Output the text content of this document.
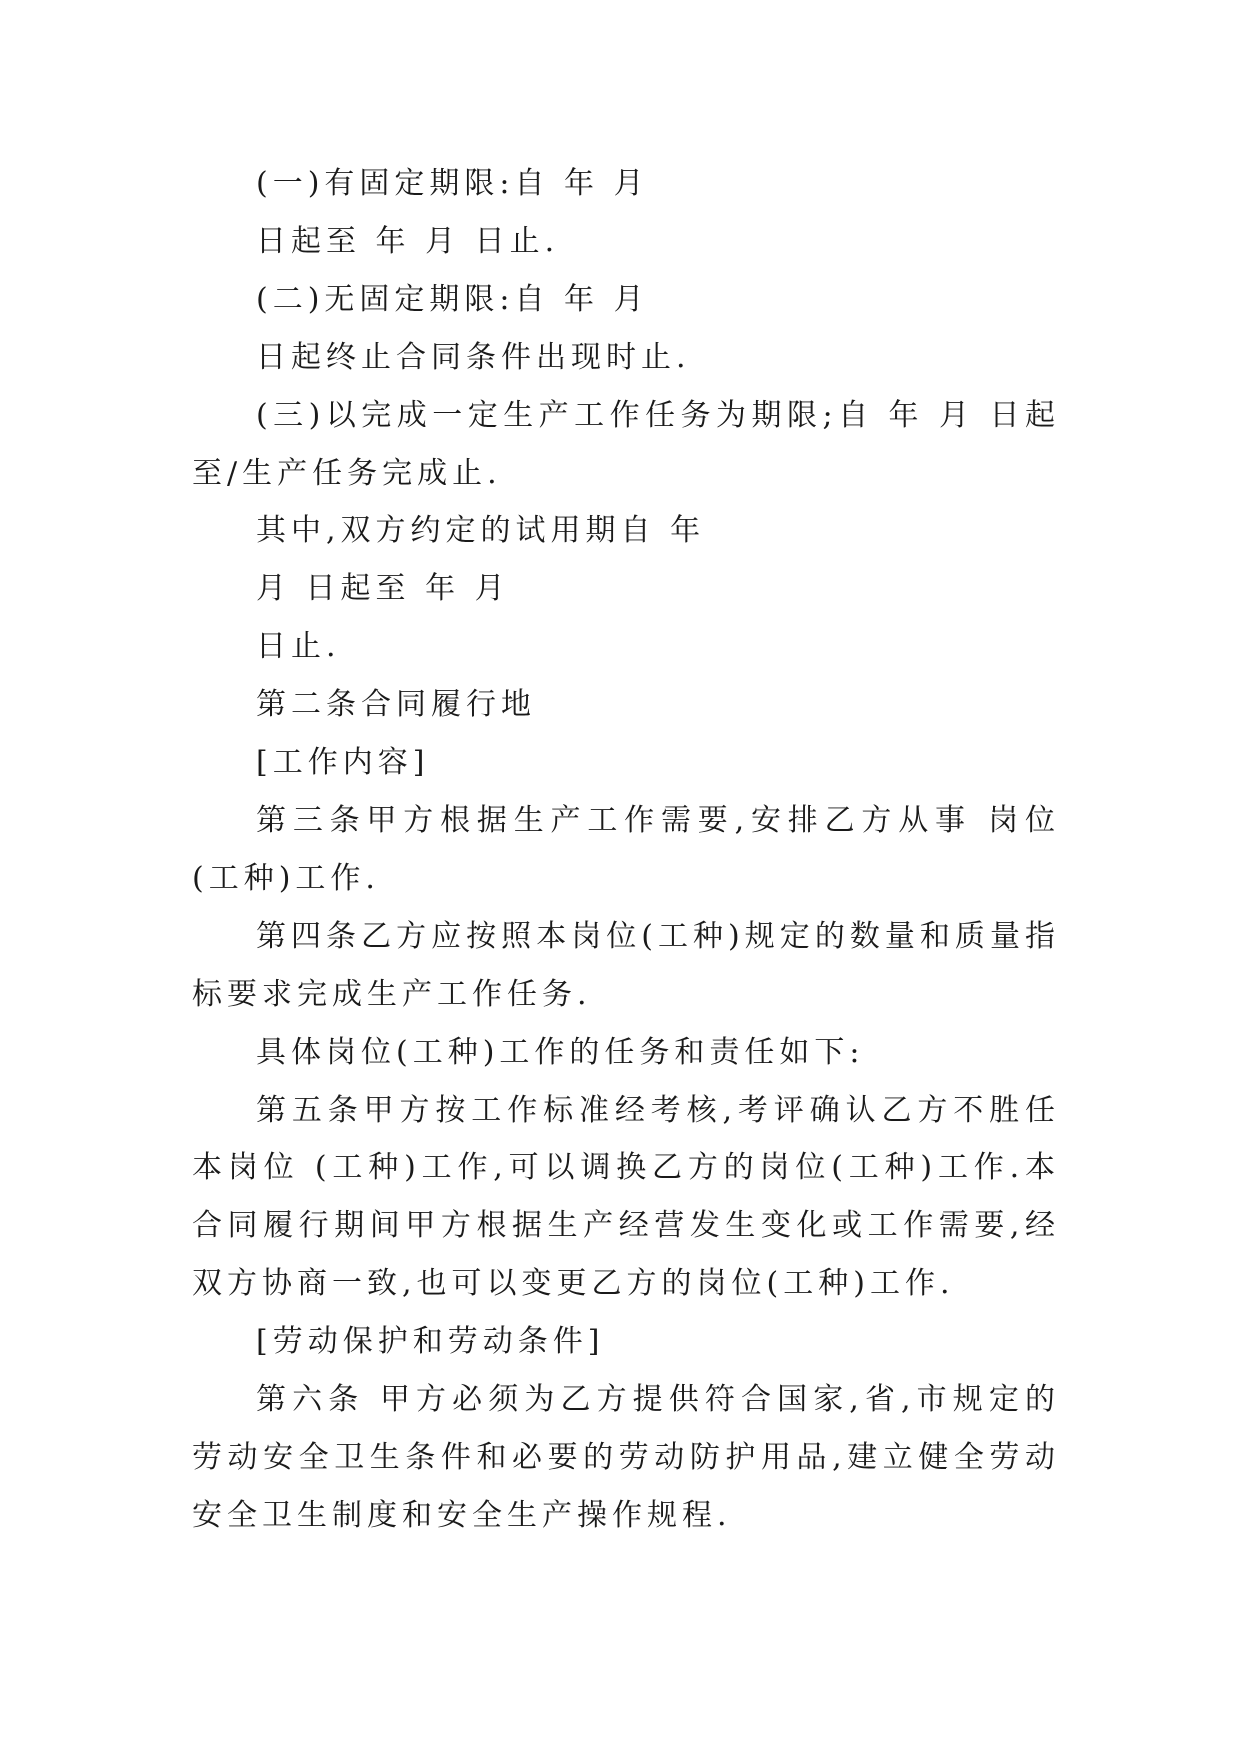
(一)有固定期限:自 年 月

日起至 年 月 日止.

(二)无固定期限:自 年 月

日起终止合同条件出现时止.

(三)以完成一定生产工作任务为期限;自 年 月 日起至/生产任务完成止.

其中,双方约定的试用期自 年

月 日起至 年 月

日止.

第二条合同履行地

[工作内容]

第三条甲方根据生产工作需要,安排乙方从事 岗位(工种)工作.

第四条乙方应按照本岗位(工种)规定的数量和质量指标要求完成生产工作任务.

具体岗位(工种)工作的任务和责任如下:

第五条甲方按工作标准经考核,考评确认乙方不胜任本岗位 (工种)工作,可以调换乙方的岗位(工种)工作.本合同履行期间甲方根据生产经营发生变化或工作需要,经双方协商一致,也可以变更乙方的岗位(工种)工作.

[劳动保护和劳动条件]

第六条 甲方必须为乙方提供符合国家,省,市规定的劳动安全卫生条件和必要的劳动防护用品,建立健全劳动安全卫生制度和安全生产操作规程.
